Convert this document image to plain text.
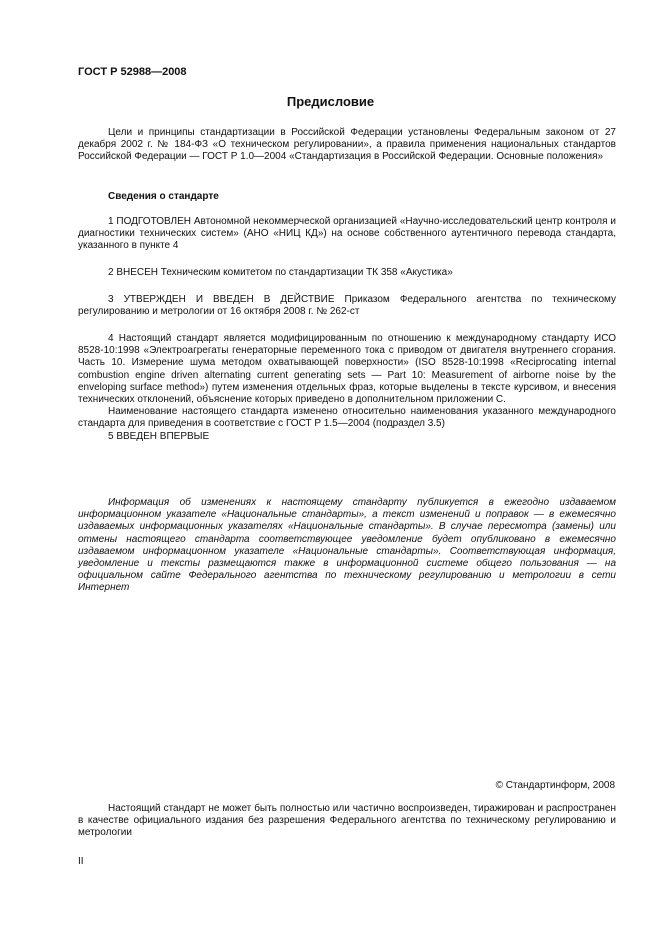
ГОСТ Р 52988—2008
Предисловие

Цели и принципы стандартизации в Российской Федерации установлены Федеральным законом от 27 декабря 2002 г. № 184-ФЗ «О техническом регулировании», а правила применения национальных стандартов Российской Федерации — ГОСТ Р 1.0—2004 «Стандартизация в Российской Федерации. Основные положения»

Сведения о стандарте

1 ПОДГОТОВЛЕН Автономной некоммерческой организацией «Научно-исследовательский центр контроля и диагностики технических систем» (АНО «НИЦ КД») на основе собственного аутентичного перевода стандарта, указанного в пункте 4

2 ВНЕСЕН Техническим комитетом по стандартизации ТК 358 «Акустика»

3 УТВЕРЖДЕН И ВВЕДЕН В ДЕЙСТВИЕ Приказом Федерального агентства по техническому регулированию и метрологии от 16 октября 2008 г. № 262-ст

4 Настоящий стандарт является модифицированным по отношению к международному стандарту ИСО 8528-10:1998 «Электроагрегаты генераторные переменного тока с приводом от двигателя внутреннего сгорания. Часть 10. Измерение шума методом охватывающей поверхности» (ISO 8528-10:1998 «Reciprocating internal combustion engine driven alternating current generating sets — Part 10: Measurement of airborne noise by the enveloping surface method») путем изменения отдельных фраз, которые выделены в тексте курсивом, и внесения технических отклонений, объяснение которых приведено в дополнительном приложении С.

Наименование настоящего стандарта изменено относительно наименования указанного международного стандарта для приведения в соответствие с ГОСТ Р 1.5—2004 (подраздел 3.5)

5 ВВЕДЕН ВПЕРВЫЕ

Информация об изменениях к настоящему стандарту публикуется в ежегодно издаваемом информационном указателе «Национальные стандарты», а текст изменений и поправок — в ежемесячно издаваемых информационных указателях «Национальные стандарты». В случае пересмотра (замены) или отмены настоящего стандарта соответствующее уведомление будет опубликовано в ежемесячно издаваемом информационном указателе «Национальные стандарты». Соответствующая информация, уведомление и тексты размещаются также в информационной системе общего пользования — на официальном сайте Федерального агентства по техническому регулированию и метрологии в сети Интернет

© Стандартинформ, 2008

Настоящий стандарт не может быть полностью или частично воспроизведен, тиражирован и распространен в качестве официального издания без разрешения Федерального агентства по техническому регулированию и метрологии

II
